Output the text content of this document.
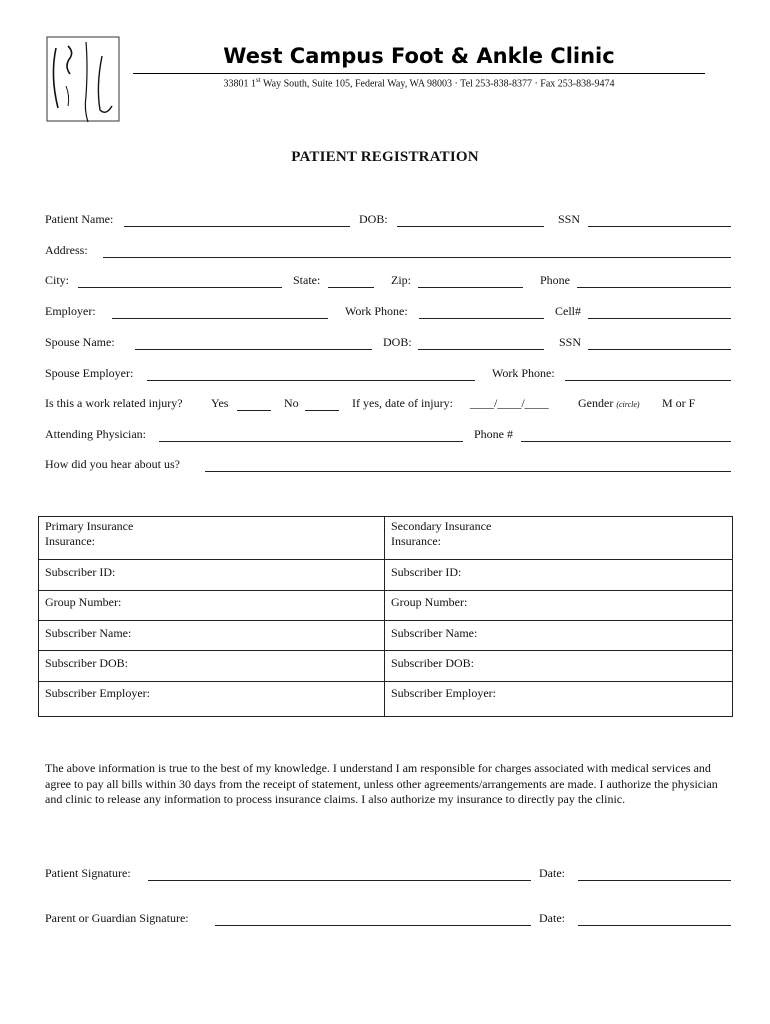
West Campus Foot & Ankle Clinic
33801 1st Way South, Suite 105, Federal Way, WA 98003 · Tel 253-838-8377 · Fax 253-838-9474
PATIENT REGISTRATION
Patient Name:	DOB:	SSN
Address:
City:	State:	Zip:	Phone
Employer:	Work Phone:	Cell#
Spouse Name:	DOB:	SSN
Spouse Employer:	Work Phone:
Is this a work related injury? Yes	No	If yes, date of injury: ____/____/____ Gender (circle) M or F
Attending Physician:	Phone #
How did you hear about us?
Primary Insurance	Secondary Insurance
Insurance:	Insurance:
Subscriber ID:	Subscriber ID:
Group Number:	Group Number:
Subscriber Name:	Subscriber Name:
Subscriber DOB:	Subscriber DOB:
Subscriber Employer:	Subscriber Employer:
The above information is true to the best of my knowledge. I understand I am responsible for charges associated with medical services and agree to pay all bills within 30 days from the receipt of statement, unless other agreements/arrangements are made. I authorize the physician and clinic to release any information to process insurance claims. I also authorize my insurance to directly pay the clinic.
Patient Signature:	Date:
Parent or Guardian Signature:	Date:
